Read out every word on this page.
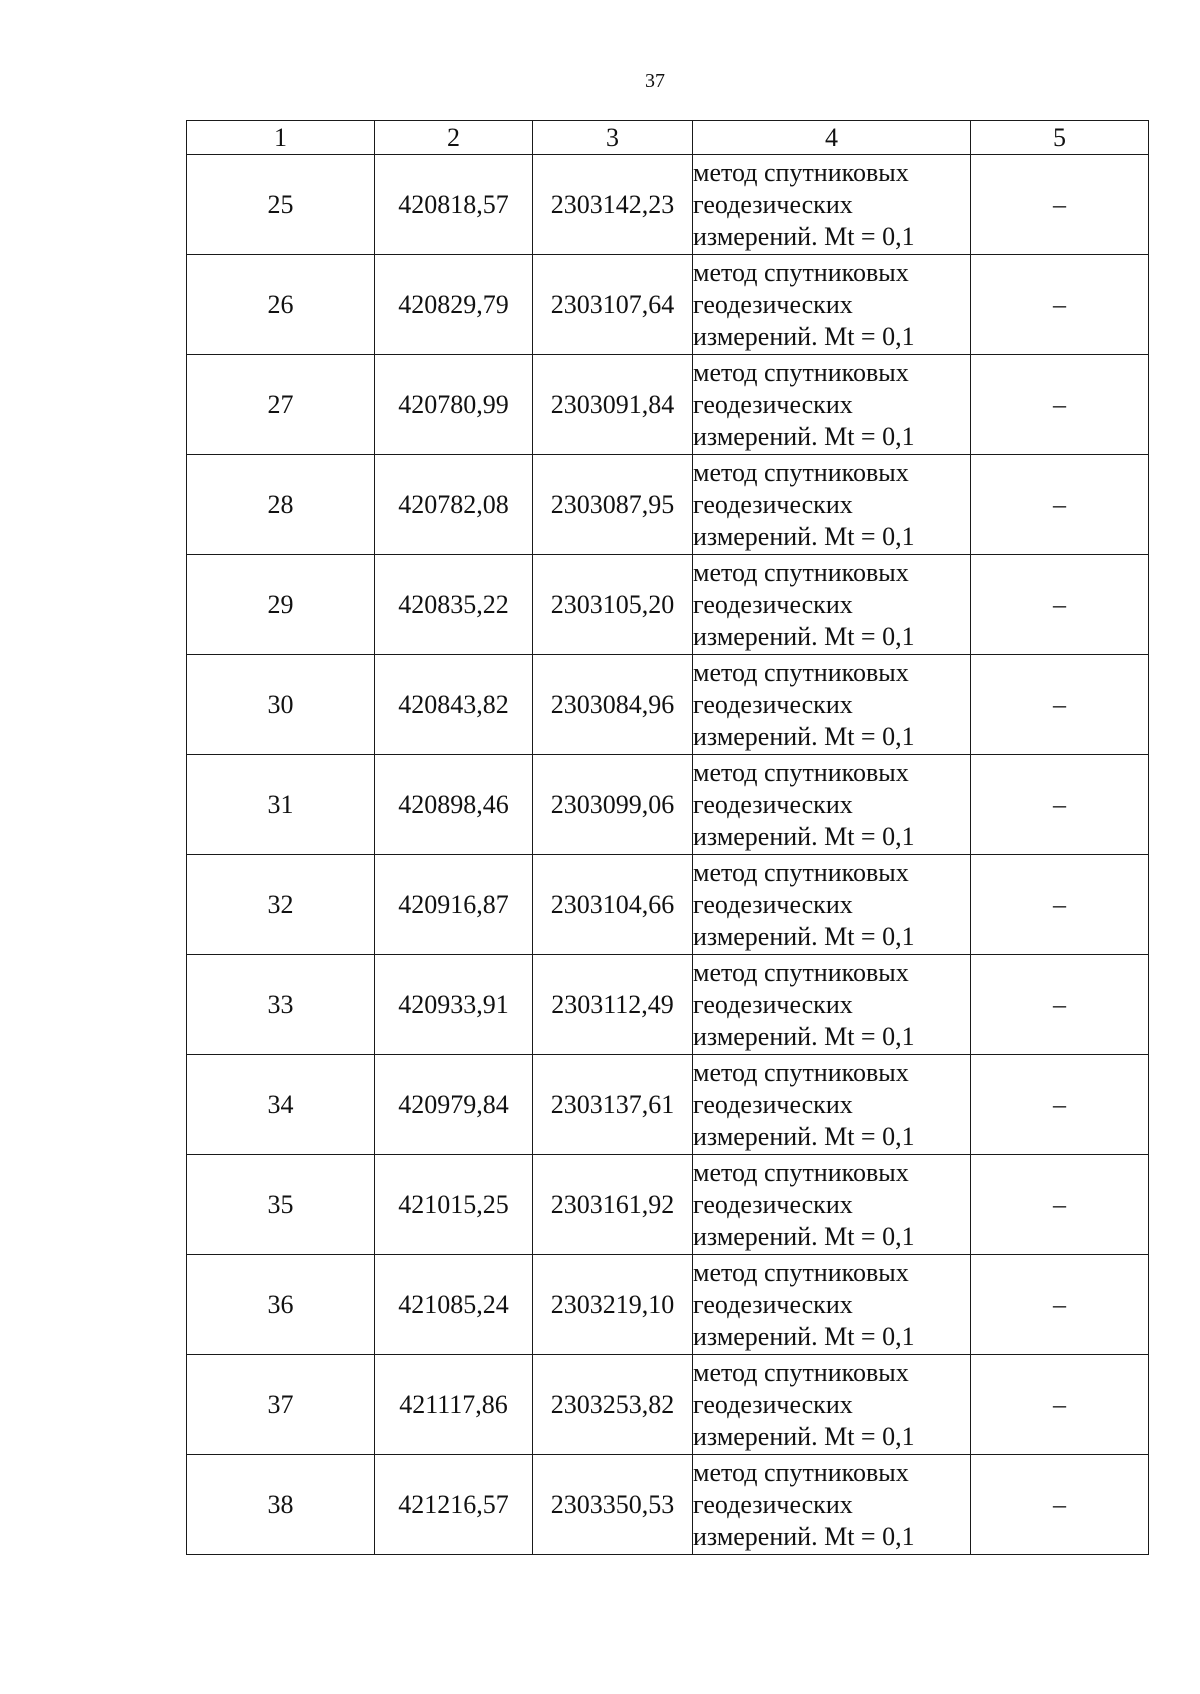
37
1	2	3	4	5
25	420818,57	2303142,23	метод спутниковых
геодезических
измерений. Mt = 0,1	–
26	420829,79	2303107,64	метод спутниковых
геодезических
измерений. Mt = 0,1	–
27	420780,99	2303091,84	метод спутниковых
геодезических
измерений. Mt = 0,1	–
28	420782,08	2303087,95	метод спутниковых
геодезических
измерений. Mt = 0,1	–
29	420835,22	2303105,20	метод спутниковых
геодезических
измерений. Mt = 0,1	–
30	420843,82	2303084,96	метод спутниковых
геодезических
измерений. Mt = 0,1	–
31	420898,46	2303099,06	метод спутниковых
геодезических
измерений. Mt = 0,1	–
32	420916,87	2303104,66	метод спутниковых
геодезических
измерений. Mt = 0,1	–
33	420933,91	2303112,49	метод спутниковых
геодезических
измерений. Mt = 0,1	–
34	420979,84	2303137,61	метод спутниковых
геодезических
измерений. Mt = 0,1	–
35	421015,25	2303161,92	метод спутниковых
геодезических
измерений. Mt = 0,1	–
36	421085,24	2303219,10	метод спутниковых
геодезических
измерений. Mt = 0,1	–
37	421117,86	2303253,82	метод спутниковых
геодезических
измерений. Mt = 0,1	–
38	421216,57	2303350,53	метод спутниковых
геодезических
измерений. Mt = 0,1	–
